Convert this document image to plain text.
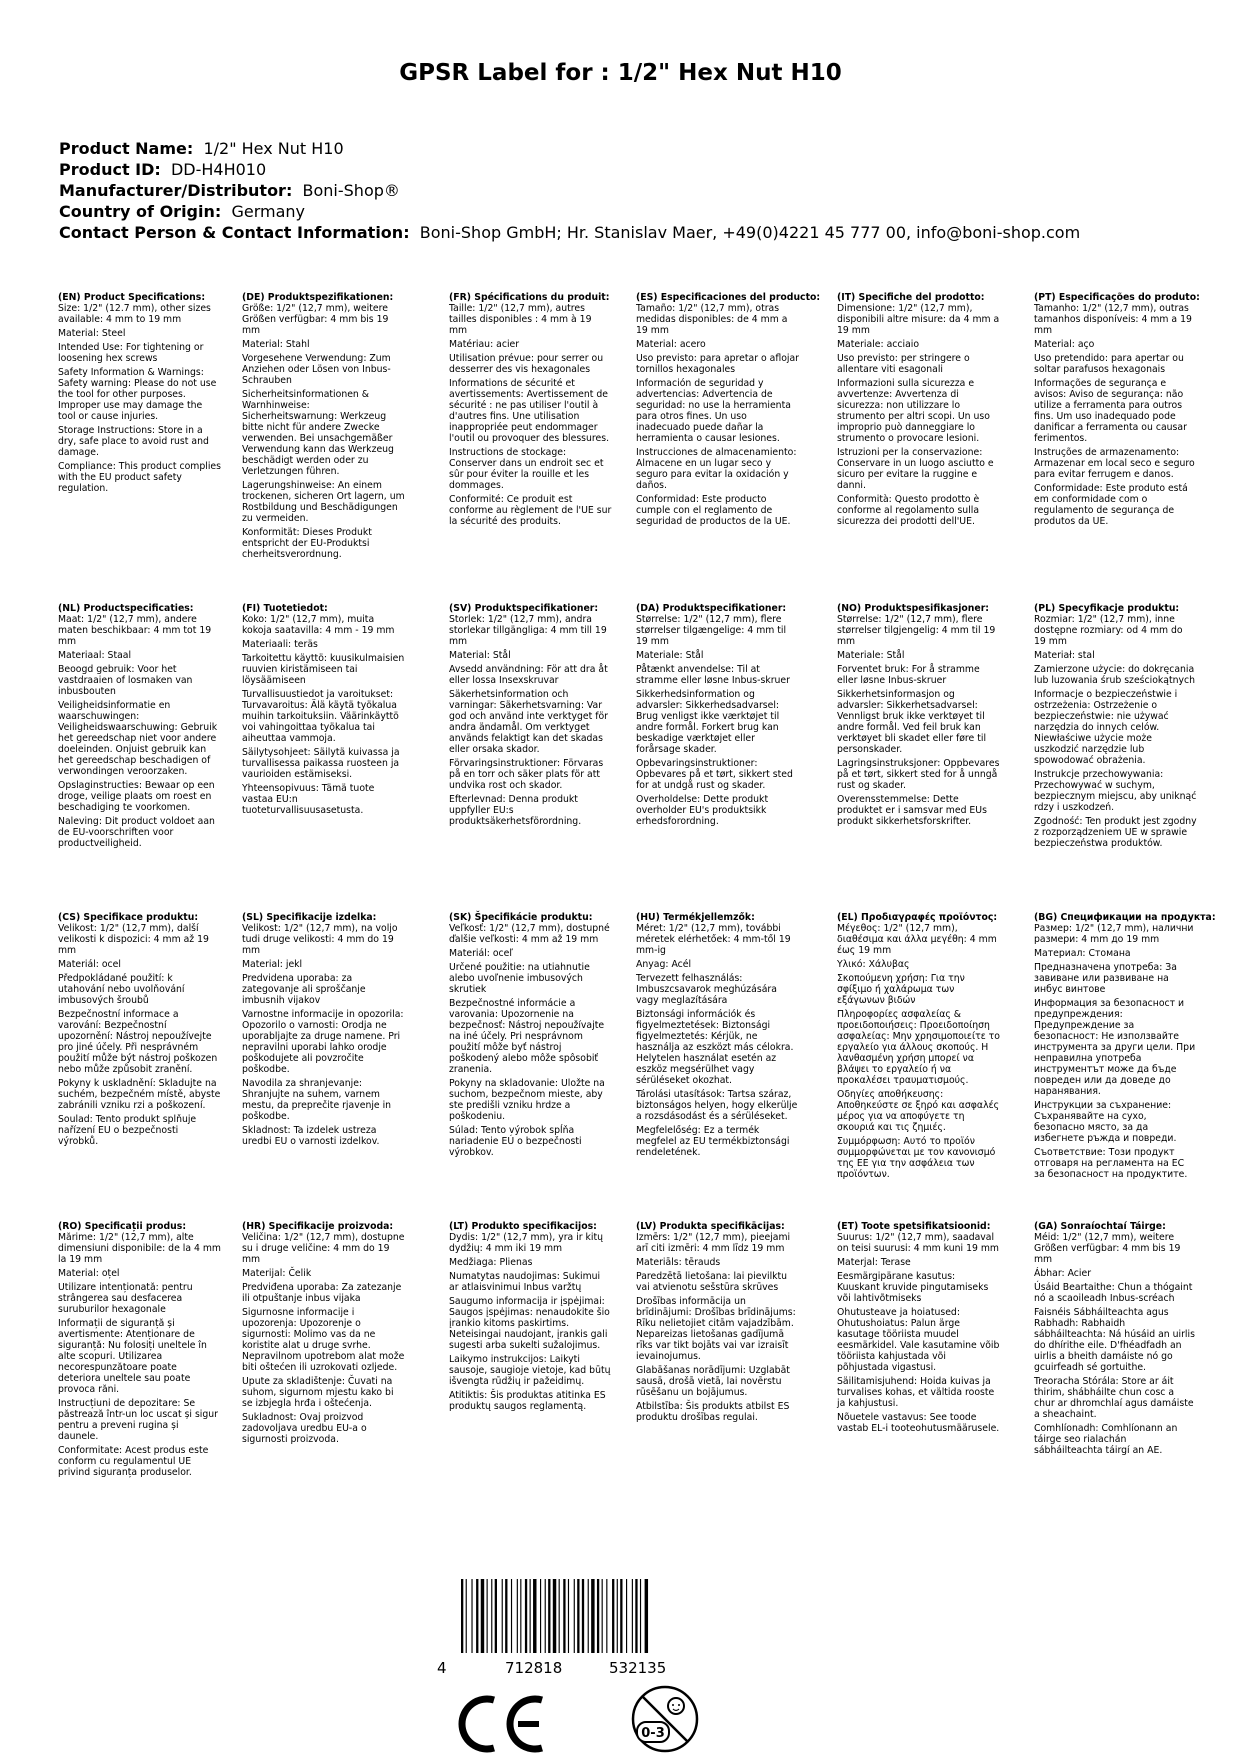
GPSR Label for : 1/2" Hex Nut H10
Product Name: 1/2" Hex Nut H10
Product ID: DD-H4H010
Manufacturer/Distributor: Boni-Shop®
Country of Origin: Germany
Contact Person & Contact Information: Boni-Shop GmbH; Hr. Stanislav Maer, +49(0)4221 45 777 00, info@boni-shop.com
(EN) Product Specifications:

Size: 1/2" (12.7 mm), other sizes available: 4 mm to 19 mm

Material: Steel

Intended Use: For tightening or loosening hex screws

Safety Information & Warnings: Safety warning: Please do not use the tool for other purposes. Improper use may damage the tool or cause injuries.

Storage Instructions: Store in a dry, safe place to avoid rust and damage.

Compliance: This product complies with the EU product safety regulation.

(DE) Produktspezifikationen:

Größe: 1/2" (12,7 mm), weitere Größen verfügbar: 4 mm bis 19 mm

Material: Stahl

Vorgesehene Verwendung: Zum Anziehen oder Lösen von Inbus-Schrauben

Sicherheitsinformationen & Warnhinweise: Sicherheitswarnung: Werkzeug bitte nicht für andere Zwecke verwenden. Bei unsachgemäßer Verwendung kann das Werkzeug beschädigt werden oder zu Verletzungen führen.

Lagerungshinweise: An einem trockenen, sicheren Ort lagern, um Rostbildung und Beschädigungen zu vermeiden.

Konformität: Dieses Produkt entspricht der EU-Produktsi cherheitsverordnung.

(FR) Spécifications du produit:

Taille: 1/2" (12,7 mm), autres tailles disponibles : 4 mm à 19 mm

Matériau: acier

Utilisation prévue: pour serrer ou desserrer des vis hexagonales

Informations de sécurité et avertissements: Avertissement de sécurité : ne pas utiliser l'outil à d'autres fins. Une utilisation inappropriée peut endommager l'outil ou provoquer des blessures.

Instructions de stockage: Conserver dans un endroit sec et sûr pour éviter la rouille et les dommages.

Conformité: Ce produit est conforme au règlement de l'UE sur la sécurité des produits.

(ES) Especificaciones del producto:

Tamaño: 1/2" (12,7 mm), otras medidas disponibles: de 4 mm a 19 mm

Material: acero

Uso previsto: para apretar o aflojar tornillos hexagonales

Información de seguridad y advertencias: Advertencia de seguridad: no use la herramienta para otros fines. Un uso inadecuado puede dañar la herramienta o causar lesiones.

Instrucciones de almacenamiento: Almacene en un lugar seco y seguro para evitar la oxidación y daños.

Conformidad: Este producto cumple con el reglamento de seguridad de productos de la UE.

(IT) Specifiche del prodotto:

Dimensione: 1/2" (12,7 mm), disponibili altre misure: da 4 mm a 19 mm

Materiale: acciaio

Uso previsto: per stringere o allentare viti esagonali

Informazioni sulla sicurezza e avvertenze: Avvertenza di sicurezza: non utilizzare lo strumento per altri scopi. Un uso improprio può danneggiare lo strumento o provocare lesioni.

Istruzioni per la conservazione: Conservare in un luogo asciutto e sicuro per evitare la ruggine e danni.

Conformità: Questo prodotto è conforme al regolamento sulla sicurezza dei prodotti dell'UE.

(PT) Especificações do produto:

Tamanho: 1/2" (12,7 mm), outras tamanhos disponíveis: 4 mm a 19 mm

Material: aço

Uso pretendido: para apertar ou soltar parafusos hexagonais

Informações de segurança e avisos: Aviso de segurança: não utilize a ferramenta para outros fins. Um uso inadequado pode danificar a ferramenta ou causar ferimentos.

Instruções de armazenamento: Armazenar em local seco e seguro para evitar ferrugem e danos.

Conformidade: Este produto está em conformidade com o regulamento de segurança de produtos da UE.

(NL) Productspecificaties:

Maat: 1/2" (12,7 mm), andere maten beschikbaar: 4 mm tot 19 mm

Materiaal: Staal

Beoogd gebruik: Voor het vastdraaien of losmaken van inbusbouten

Veiligheidsinformatie en waarschuwingen: Veiligheidswaarschuwing: Gebruik het gereedschap niet voor andere doeleinden. Onjuist gebruik kan het gereedschap beschadigen of verwondingen veroorzaken.

Opslaginstructies: Bewaar op een droge, veilige plaats om roest en beschadiging te voorkomen.

Naleving: Dit product voldoet aan de EU-voorschriften voor productveiligheid.

(FI) Tuotetiedot:

Koko: 1/2" (12,7 mm), muita kokoja saatavilla: 4 mm - 19 mm

Materiaali: teräs

Tarkoitettu käyttö: kuusikulmaisien ruuvien kiristämiseen tai löysäämiseen

Turvallisuustiedot ja varoitukset: Turvavaroitus: Älä käytä työkalua muihin tarkoituksiin. Väärinkäyttö voi vahingoittaa työkalua tai aiheuttaa vammoja.

Säilytysohjeet: Säilytä kuivassa ja turvallisessa paikassa ruosteen ja vaurioiden estämiseksi.

Yhteensopivuus: Tämä tuote vastaa EU:n tuoteturvallisuusasetusta.

(SV) Produktspecifikationer:

Storlek: 1/2" (12,7 mm), andra storlekar tillgängliga: 4 mm till 19 mm

Material: Stål

Avsedd användning: För att dra åt eller lossa Insexskruvar

Säkerhetsinformation och varningar: Säkerhetsvarning: Var god och använd inte verktyget för andra ändamål. Om verktyget används felaktigt kan det skadas eller orsaka skador.

Förvaringsinstruktioner: Förvaras på en torr och säker plats för att undvika rost och skador.

Efterlevnad: Denna produkt uppfyller EU:s produktsäkerhetsförordning.

(DA) Produktspecifikationer:

Størrelse: 1/2" (12,7 mm), flere størrelser tilgængelige: 4 mm til 19 mm

Materiale: Stål

Påtænkt anvendelse: Til at stramme eller løsne Inbus-skruer

Sikkerhedsinformation og advarsler: Sikkerhedsadvarsel: Brug venligst ikke værktøjet til andre formål. Forkert brug kan beskadige værktøjet eller forårsage skader.

Opbevaringsinstruktioner: Opbevares på et tørt, sikkert sted for at undgå rust og skader.

Overholdelse: Dette produkt overholder EU's produktsikk erhedsforordning.

(NO) Produktspesifikasjoner:

Størrelse: 1/2" (12,7 mm), flere størrelser tilgjengelig: 4 mm til 19 mm

Materiale: Stål

Forventet bruk: For å stramme eller løsne Inbus-skruer

Sikkerhetsinformasjon og advarsler: Sikkerhetsadvarsel: Vennligst bruk ikke verktøyet til andre formål. Ved feil bruk kan verktøyet bli skadet eller føre til personskader.

Lagringsinstruksjoner: Oppbevares på et tørt, sikkert sted for å unngå rust og skader.

Overensstemmelse: Dette produktet er i samsvar med EUs produkt sikkerhetsforskrifter.

(PL) Specyfikacje produktu:

Rozmiar: 1/2" (12,7 mm), inne dostępne rozmiary: od 4 mm do 19 mm

Materiał: stal

Zamierzone użycie: do dokręcania lub luzowania śrub sześciokątnych

Informacje o bezpieczeństwie i ostrzeżenia: Ostrzeżenie o bezpieczeństwie: nie używać narzędzia do innych celów. Niewłaściwe użycie może uszkodzić narzędzie lub spowodować obrażenia.

Instrukcje przechowywania: Przechowywać w suchym, bezpiecznym miejscu, aby uniknąć rdzy i uszkodzeń.

Zgodność: Ten produkt jest zgodny z rozporządzeniem UE w sprawie bezpieczeństwa produktów.

(CS) Specifikace produktu:

Velikost: 1/2" (12,7 mm), další velikosti k dispozici: 4 mm až 19 mm

Materiál: ocel

Předpokládané použití: k utahování nebo uvolňování imbusových šroubů

Bezpečnostní informace a varování: Bezpečnostní upozornění: Nástroj nepoužívejte pro jiné účely. Při nesprávném použití může být nástroj poškozen nebo může způsobit zranění.

Pokyny k uskladnění: Skladujte na suchém, bezpečném místě, abyste zabránili vzniku rzi a poškození.

Soulad: Tento produkt splňuje nařízení EU o bezpečnosti výrobků.

(SL) Specifikacije izdelka:

Velikost: 1/2" (12,7 mm), na voljo tudi druge velikosti: 4 mm do 19 mm

Material: jekl

Predvidena uporaba: za zategovanje ali sproščanje imbusnih vijakov

Varnostne informacije in opozorila: Opozorilo o varnosti: Orodja ne uporabljajte za druge namene. Pri nepravilni uporabi lahko orodje poškodujete ali povzročite poškodbe.

Navodila za shranjevanje: Shranjujte na suhem, varnem mestu, da preprečite rjavenje in poškodbe.

Skladnost: Ta izdelek ustreza uredbi EU o varnosti izdelkov.

(SK) Špecifikácie produktu:

Veľkosť: 1/2" (12,7 mm), dostupné ďalšie veľkosti: 4 mm až 19 mm

Materiál: oceľ

Určené použitie: na utiahnutie alebo uvoľnenie imbusových skrutiek

Bezpečnostné informácie a varovania: Upozornenie na bezpečnosť: Nástroj nepoužívajte na iné účely. Pri nesprávnom použití môže byť nástroj poškodený alebo môže spôsobiť zranenia.

Pokyny na skladovanie: Uložte na suchom, bezpečnom mieste, aby ste predišli vzniku hrdze a poškodeniu.

Súlad: Tento výrobok spĺňa nariadenie EÚ o bezpečnosti výrobkov.

(HU) Termékjellemzők:

Méret: 1/2" (12,7 mm), további méretek elérhetőek: 4 mm-től 19 mm-ig

Anyag: Acél

Tervezett felhasználás: Imbuszcsavarok meghúzására vagy meglazítására

Biztonsági információk és figyelmeztetések: Biztonsági figyelmeztetés: Kérjük, ne használja az eszközt más célokra. Helytelen használat esetén az eszköz megsérülhet vagy sérüléseket okozhat.

Tárolási utasítások: Tartsa száraz, biztonságos helyen, hogy elkerülje a rozsdásodást és a sérüléseket.

Megfelelőség: Ez a termék megfelel az EU termékbiztonsági rendeletének.

(EL) Προδιαγραφές προϊόντος:

Μέγεθος: 1/2" (12,7 mm), διαθέσιμα και άλλα μεγέθη: 4 mm έως 19 mm

Υλικό: Χάλυβας

Σκοπούμενη χρήση: Για την σφίξιμο ή χαλάρωμα των εξάγωνων βιδών

Πληροφορίες ασφαλείας & προειδοποιήσεις: Προειδοποίηση ασφαλείας: Μην χρησιμοποιείτε το εργαλείο για άλλους σκοπούς. Η λανθασμένη χρήση μπορεί να βλάψει το εργαλείο ή να προκαλέσει τραυματισμούς.

Οδηγίες αποθήκευσης: Αποθηκεύστε σε ξηρό και ασφαλές μέρος για να αποφύγετε τη σκουριά και τις ζημιές.

Συμμόρφωση: Αυτό το προϊόν συμμορφώνεται με τον κανονισμό της ΕΕ για την ασφάλεια των προϊόντων.

(BG) Спецификации на продукта:

Размер: 1/2" (12,7 mm), налични размери: 4 mm до 19 mm

Материал: Стомана

Предназначена употреба: За завиване или развиване на инбус винтове

Информация за безопасност и предупреждения: Предупреждение за безопасност: Не използвайте инструмента за други цели. При неправилна употреба инструментът може да бъде повреден или да доведе до наранявания.

Инструкции за съхранение: Съхранявайте на сухо, безопасно място, за да избегнете ръжда и повреди.

Съответствие: Този продукт отговаря на регламента на ЕС за безопасност на продуктите.

(RO) Specificații produs:

Mărime: 1/2" (12,7 mm), alte dimensiuni disponibile: de la 4 mm la 19 mm

Material: oțel

Utilizare intenționată: pentru strângerea sau desfacerea suruburilor hexagonale

Informații de siguranță și avertismente: Atenționare de siguranță: Nu folosiți uneltele în alte scopuri. Utilizarea necorespunzătoare poate deteriora uneltele sau poate provoca răni.

Instrucțiuni de depozitare: Se păstrează într-un loc uscat și sigur pentru a preveni rugina și daunele.

Conformitate: Acest produs este conform cu regulamentul UE privind siguranța produselor.

(HR) Specifikacije proizvoda:

Veličina: 1/2" (12,7 mm), dostupne su i druge veličine: 4 mm do 19 mm

Materijal: Čelik

Predviđena uporaba: Za zatezanje ili otpuštanje inbus vijaka

Sigurnosne informacije i upozorenja: Upozorenje o sigurnosti: Molimo vas da ne koristite alat u druge svrhe. Nepravilnom upotrebom alat može biti oštećen ili uzrokovati ozljede.

Upute za skladištenje: Čuvati na suhom, sigurnom mjestu kako bi se izbjegla hrđa i oštećenja.

Sukladnost: Ovaj proizvod zadovoljava uredbu EU-a o sigurnosti proizvoda.

(LT) Produkto specifikacijos:

Dydis: 1/2" (12,7 mm), yra ir kitų dydžių: 4 mm iki 19 mm

Medžiaga: Plienas

Numatytas naudojimas: Sukimui ar atlaisvinimui Inbus varžtų

Saugumo informacija ir įspėjimai: Saugos įspėjimas: nenaudokite šio įrankio kitoms paskirtims. Neteisingai naudojant, įrankis gali sugesti arba sukelti sužalojimus.

Laikymo instrukcijos: Laikyti sausoje, saugioje vietoje, kad būtų išvengta rūdžių ir pažeidimų.

Atitiktis: Šis produktas atitinka ES produktų saugos reglamentą.

(LV) Produkta specifikācijas:

Izmērs: 1/2" (12,7 mm), pieejami arī citi izmēri: 4 mm līdz 19 mm

Materiāls: tērauds

Paredzētā lietošana: lai pievilktu vai atvienotu sešstūra skrūves

Drošības informācija un brīdinājumi: Drošības brīdinājums: Rīku nelietojiet citām vajadzībām. Nepareizas lietošanas gadījumā rīks var tikt bojāts vai var izraisīt ievainojumus.

Glabāšanas norādījumi: Uzglabāt sausā, drošā vietā, lai novērstu rūsēšanu un bojājumus.

Atbilstība: Šis produkts atbilst ES produktu drošības regulai.

(ET) Toote spetsifikatsioonid:

Suurus: 1/2" (12,7 mm), saadaval on teisi suurusi: 4 mm kuni 19 mm

Materjal: Terase

Eesmärgipärane kasutus: Kuuskant kruvide pingutamiseks või lahtivõtmiseks

Ohutusteave ja hoiatused: Ohutushoiatus: Palun ärge kasutage tööriista muudel eesmärkidel. Vale kasutamine võib tööriista kahjustada või põhjustada vigastusi.

Säilitamisjuhend: Hoida kuivas ja turvalises kohas, et vältida rooste ja kahjustusi.

Nõuetele vastavus: See toode vastab EL-i tooteohutusmäärusele.

(GA) Sonraíochtaí Táirge:

Méid: 1/2" (12,7 mm), weitere Größen verfügbar: 4 mm bis 19 mm

Ábhar: Acier

Úsáid Beartaithe: Chun a thógaint nó a scaoileadh Inbus-scréach

Faisnéis Sábháilteachta agus Rabhadh: Rabhaidh sábháilteachta: Ná húsáid an uirlis do dhírithe eile. D'fhéadfadh an uirlis a bheith damáiste nó go gcuirfeadh sé gortuithe.

Treoracha Stórála: Store ar áit thirim, shábháilte chun cosc a chur ar dhromchlaí agus damáiste a sheachaint.

Comhlíonadh: Comhlíonann an táirge seo rialachán sábháilteachta táirgí an AE.

4	712818	532135
0-3
